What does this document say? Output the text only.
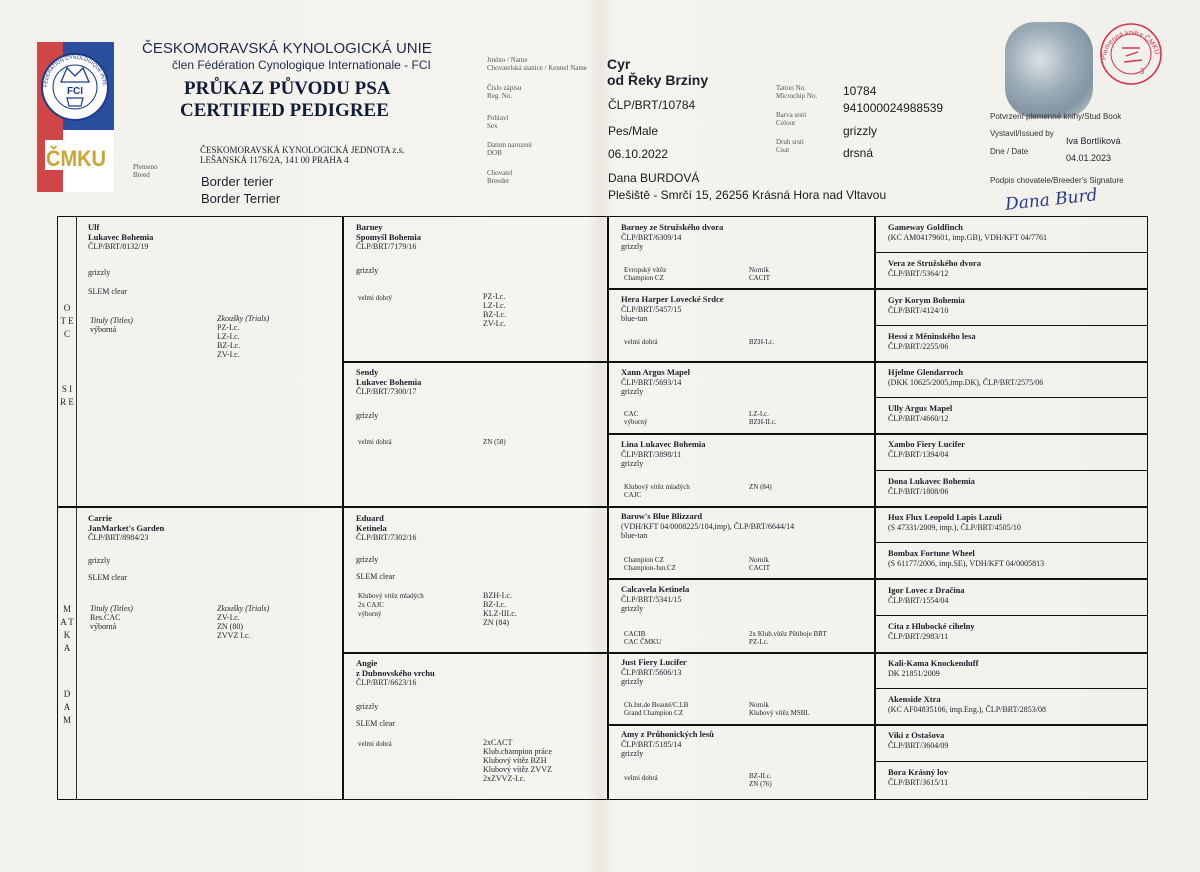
FEDERATION CYNOLOGIQUE INTE
FCI
ČMKU
ČESKOMORAVSKÁ KYNOLOGICKÁ UNIE
člen Fédération Cynologique Internationale - FCI
PRŮKAZ PŮVODU PSA
CERTIFIED PEDIGREE
ČESKOMORAVSKÁ KYNOLOGICKÁ JEDNOTA z.s.
LEŠANSKÁ 1176/2A, 141 00 PRAHA 4
Plemeno
Breed	Border terier
Border Terrier
Jméno / Name
Chovatelská stanice / Kennel Name Cyr
od Řeky Brziny
Číslo zápisu
Reg. No.
ČLP/BRT/10784
Pohlaví
Sex	Pes/Male
Datum narození
DOB	06.10.2022
Chovatel
Breeder	Dana BURDOVÁ
Plešiště - Smrčí 15, 26256 Krásná Hora nad Vltavou
Tattoo No.
Microchip No. 10784
941000024988539
Barva srsti
Colour
grizzly
Druh srsti
Coat	drsná
Plemenná kniha ČMKU
3
Potvrzení plemenné knihy/Stud Book
Vystavil/Issued by
Iva Bortlíková
Dne / Date
04.01.2023
Podpis chovatele/Breeder's Signature
Dana Burd
O T E C
S I R E
M A T K A
D A M
Ulf
Lukavec Bohemia
ČLP/BRT/8132/19
grizzly
SLEM clear
Tituly (Titles)
výborná
Zkoušky (Trials)
PZ-I.c.
LZ-I.c.
BZ-I.c.
ZV-I.c.
Carrie
JanMarket's Garden
ČLP/BRT/8984/23
grizzly
SLEM clear
Tituly (Titles)
Res.CAC
výborná
Zkoušky (Trials)
ZV-I.c.
ZN (80)
ZVVZ I.c.
Barney
Spomyšl Bohemia
ČLP/BRT/7179/16
grizzly
velmi dobrý	PZ-I.c.
LZ-I.c.
BZ-I.c.
ZV-I.c.
Sendy
Lukavec Bohemia
ČLP/BRT/7300/17
grizzly
velmi dobrá	ZN (58)
Eduard
Ketinela
ČLP/BRT/7302/16
grizzly
SLEM clear
Klubový vítěz mladých
2x CAJC
výborný
BZH-I.c.
BZ-I.c.
KLZ-III.c.
ZN (84)
Angie
z Dubnovského vrchu
ČLP/BRT/6623/16
grizzly
SLEM clear
velmi dobrá	2xCACT
Klub.champion práce
Klubový vítěz BZH
Klubový vítěz ZVVZ
2xZVVZ-I.c.
Barney ze Stružského dvora
ČLP/BRT/6309/14
grizzly
Evropský vítěz
Champion CZ
Norník
CACIT
Hera Harper Lovecké Srdce
ČLP/BRT/5457/15
blue-tan
velmi dobrá	BZH-I.c.
Xann Argus Mapel
ČLP/BRT/5693/14
grizzly
CAC
výborný
LZ-I.c.
BZH-II.c.
Lina Lukavec Bohemia
ČLP/BRT/3898/11
grizzly
Klubový vítěz mladých
CAJC
ZN (84)
Barow's Blue Blizzard
(VDH/KFT 04/0008225/104,imp), ČLP/BRT/6644/14
blue-tan
Champion CZ
Champion-Jun.CZ
Norník
CACIT
Calcavela Ketinela
ČLP/BRT/5341/15
grizzly
CACIB
CAC ČMKU
2x Klub.vítěz Pětiboje BRT
PZ-I.c.
Just Fiery Lucifer
ČLP/BRT/5606/13
grizzly
Ch.Int.de Beauté/C.I.B
Grand Champion CZ
Norník
Klubový vítěz MSBL
Amy z Průhonických lesů
ČLP/BRT/5185/14
grizzly
velmi dobrá	BZ-II.c.
ZN (76)
Gameway Goldfinch
(KC AM04179601, imp.GB), VDH/KFT 04/7761
Vera ze Stružského dvora
ČLP/BRT/5364/12
Gyr Korym Bohemia
ČLP/BRT/4124/10
Hessi z Měninského lesa
ČLP/BRT/2255/06
Hjelme Glendarroch
(DKK 10625/2005,imp.DK), ČLP/BRT/2575/06
Ully Argus Mapel
ČLP/BRT/4660/12
Xambo Fiery Lucifer
ČLP/BRT/1394/04
Dona Lukavec Bohemia
ČLP/BRT/1808/06
Hux Flux Leopold Lapis Lazuli
(S 47331/2009, imp.), ČLP/BRT/4505/10
Bombax Fortune Wheel
(S 61177/2006, imp.SE), VDH/KFT 04/0005813
Igor Lovec z Dračína
ČLP/BRT/1554/04
Cita z Hlubocké cihelny
ČLP/BRT/2983/11
Kali-Kama Knockenduff
DK 21851/2009
Akenside Xtra
(KC AF04835106, imp.Eng.), ČLP/BRT/2853/08
Viki z Ostašova
ČLP/BRT/3604/09
Bora Krásný lov
ČLP/BRT/3615/11
